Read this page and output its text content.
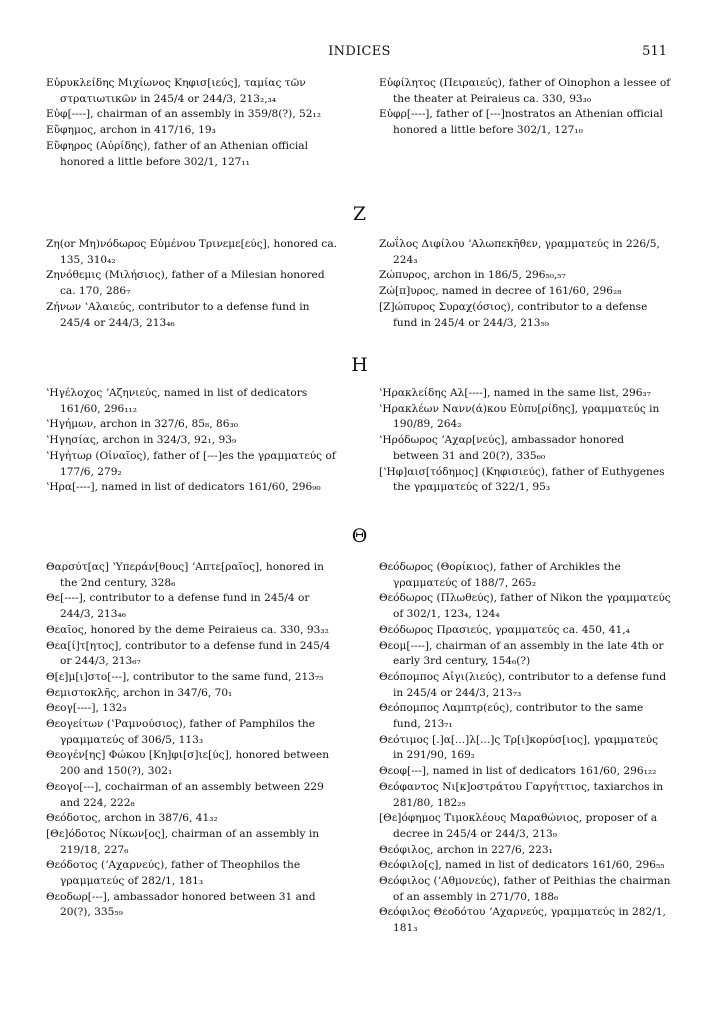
INDICES	511

Εὐρυκλείδης Μιχίωνος Κηφισ[ιεύς], ταμίας τῶν στρατιωτικῶν in 245/4 or 244/3, 213₂,₃₄

Εὐφ[----], chairman of an assembly in 359/8(?), 52₁₂

Εὔφημος, archon in 417/16, 19₃

Εὔφηρος (Αὐρίδης), father of an Athenian official honored a little before 302/1, 127₁₁

Εὐφίλητος (Πειραιεύς), father of Oinophon a lessee of the theater at Peiraieus ca. 330, 93₃₀

Εὐφρ[----], father of [---]nostratos an Athenian official honored a little before 302/1, 127₁₀

Ζ

Ζη(or Μη)νόδωρος Εὐμένου Τρινεμε[εύς], honored ca. 135, 310₄₂

Ζηνόθεμις (Μιλήσιος), father of a Milesian honored ca. 170, 286₇

Ζήνων ʽΑλαιεύς, contributor to a defense fund in 245/4 or 244/3, 213₄₆

Ζωΐλος Διφίλου ʼΑλωπεκῆθεν, γραμματεύς in 226/5, 224₃

Ζώπυρος, archon in 186/5, 296₅₀,₅₇

Ζώ[π]υρος, named in decree of 161/60, 296₂₈

[Ζ]ώπυρος Συραχ(όσιος), contributor to a defense fund in 245/4 or 244/3, 213₅₉

Η

ʽΗγέλοχος ʼΑζηνιεύς, named in list of dedicators 161/60, 296₁₁₂

ʽΗγήμων, archon in 327/6, 85₈, 86₃₀

ʽΗγησίας, archon in 324/3, 92₁, 93₉

ʽΗγήτωρ (Οἰναῖος), father of [---]es the γραμματεύς of 177/6, 279₂

ʽΗρα[----], named in list of dedicators 161/60, 296₉₀

ʽΗρακλείδης Αλ[----], named in the same list, 296₃₇

ʽΗρακλέων Νανν(ά)κου Εὐπυ[ρίδης], γραμματεύς in 190/89, 264₂

ʽΗρόδωρος ʼΑχαρ[νεύς], ambassador honored between 31 and 20(?), 335₆₀

[ʽΗφ]αισ[τόδημος] (Κηφισιεύς), father of Euthygenes the γραμματεύς of 322/1, 95₃

Θ

Θαρσύτ[ας] ʽΥπεράν[θους] ʼΑπτε[ραῖος], honored in the 2nd century, 328₆

Θε[----], contributor to a defense fund in 245/4 or 244/3, 213₄₆

Θεαῖος, honored by the deme Peiraieus ca. 330, 93₃₂

Θεα[ί]τ[ητος], contributor to a defense fund in 245/4 or 244/3, 213₆₇

Θ[ε]μ[ι]στο[---], contributor to the same fund, 213₇₅

Θεμιστοκλῆς, archon in 347/6, 70₁

Θεογ[----], 132₃

Θεογείτων (ʽΡαμνούσιος), father of Pamphilos the γραμματεύς of 306/5, 113₃

Θεογέν[ης] Φώκου [Κη]φι[σ]ιε[ύς], honored between 200 and 150(?), 302₁

Θεογο[---], cochairman of an assembly between 229 and 224, 222₈

Θεόδοτος, archon in 387/6, 41₃₂

[Θε]όδοτος Νίκων[ος], chairman of an assembly in 219/18, 227₆

Θεόδοτος (ʼΑχαρνεύς), father of Theophilos the γραμματεύς of 282/1, 181₃

Θεοδωρ[---], ambassador honored between 31 and 20(?), 335₅₉

Θεόδωρος (Θορίκιος), father of Archikles the γραμματεύς of 188/7, 265₂

Θεόδωρος (Πλωθεύς), father of Nikon the γραμματεύς of 302/1, 123₄, 124₄

Θεόδωρος Πρασιεύς, γραμματεύς ca. 450, 41,₄

Θεομ[----], chairman of an assembly in the late 4th or early 3rd century, 154₆(?)

Θεόπομπος Αἰγι(λιεύς), contributor to a defense fund in 245/4 or 244/3, 213₇₃

Θεόπομπος Λαμπτρ(εύς), contributor to the same fund, 213₇₁

Θεότιμος [.]α[...]λ[...]ς Τρ[ι]κορύσ[ιος], γραμματεύς in 291/90, 169₂

Θεοφ[---], named in list of dedicators 161/60, 296₁₂₂

Θεόφαντος Νι[κ]οστράτου Γαργήττιος, taxiarchos in 281/80, 182₂₅

[Θε]όφημος Τιμοκλέους Μαραθώνιος, proposer of a decree in 245/4 or 244/3, 213₉

Θεόφιλος, archon in 227/6, 223₁

Θεόφιλο[ς], named in list of dedicators 161/60, 296₅₅

Θεόφιλος (ʼΑθμονεύς), father of Peithias the chairman of an assembly in 271/70, 188₆

Θεόφιλος Θεοδότου ʼΑχαρνεύς, γραμματεύς in 282/1, 181₃
